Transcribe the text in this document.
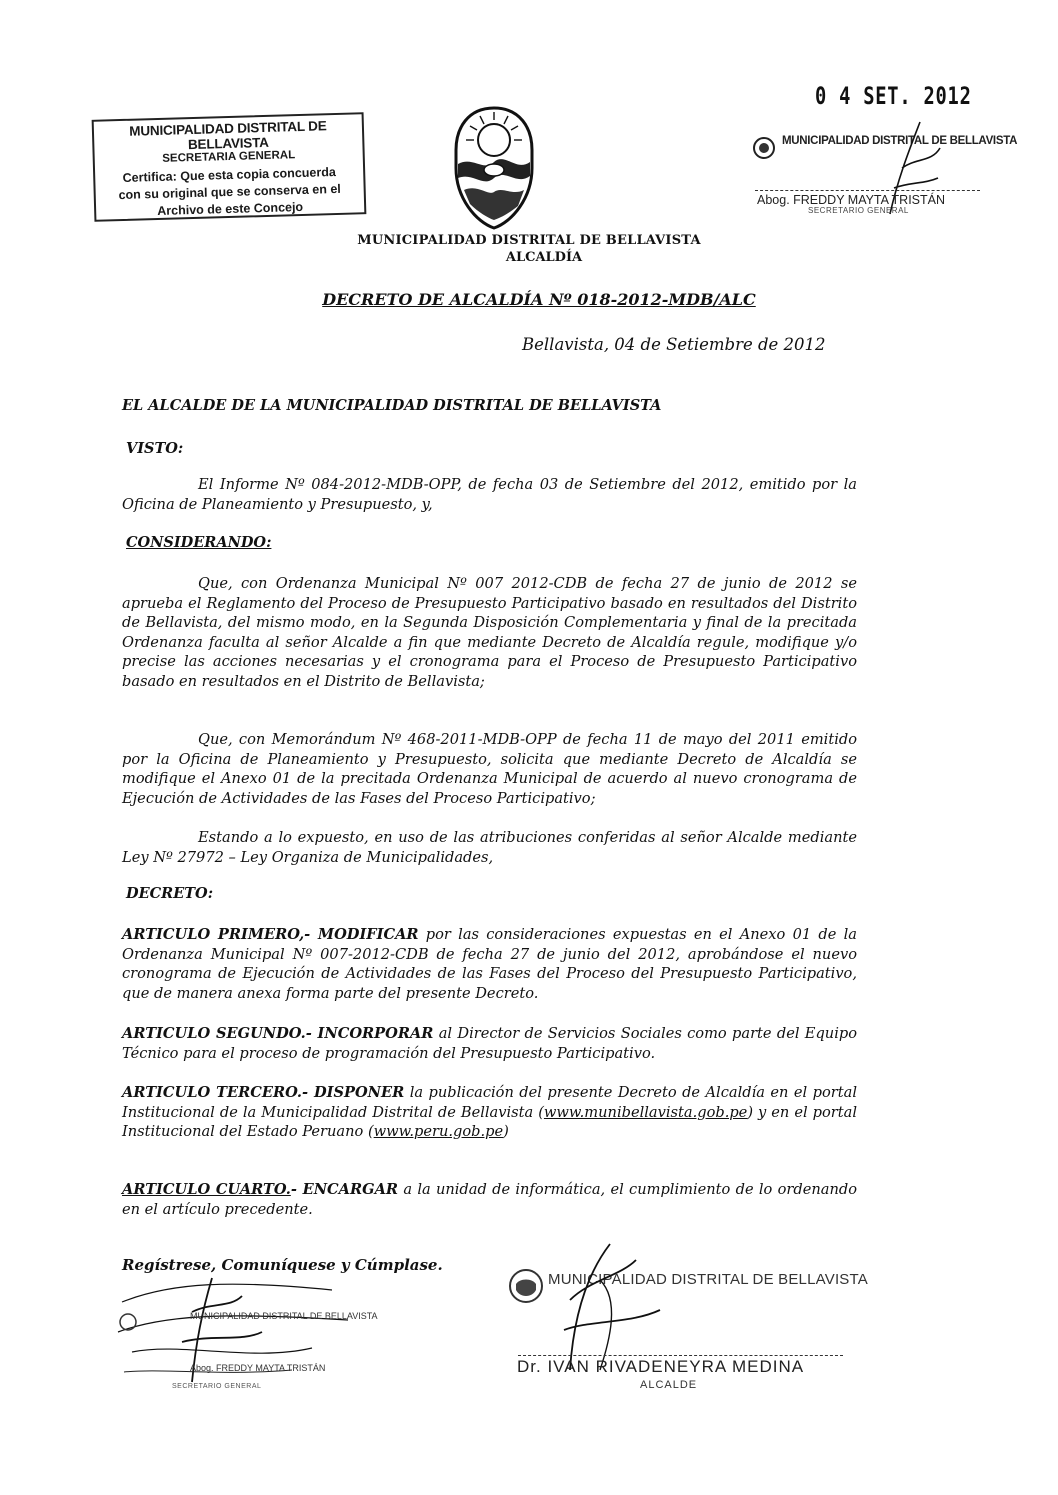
MUNICIPALIDAD DISTRITAL DE BELLAVISTA
SECRETARIA GENERAL
Certifica: Que esta copia concuerda
con su original que se conserva en el
Archivo de este Concejo
0 4 SET. 2012
MUNICIPALIDAD DISTRITAL DE BELLAVISTA
Abog. FREDDY MAYTA TRISTÁN
SECRETARIO GENERAL
MUNICIPALIDAD DISTRITAL DE BELLAVISTA
ALCALDÍA
DECRETO DE ALCALDÍA Nº 018-2012-MDB/ALC
Bellavista, 04 de Setiembre de 2012
EL ALCALDE DE LA MUNICIPALIDAD DISTRITAL DE BELLAVISTA
VISTO:
El Informe Nº 084-2012-MDB-OPP, de fecha 03 de Setiembre del 2012, emitido por la Oficina de Planeamiento y Presupuesto, y,
CONSIDERANDO:
Que, con Ordenanza Municipal Nº 007 2012-CDB de fecha 27 de junio de 2012 se aprueba el Reglamento del Proceso de Presupuesto Participativo basado en resultados del Distrito de Bellavista, del mismo modo, en la Segunda Disposición Complementaria y final de la precitada Ordenanza faculta al señor Alcalde a fin que mediante Decreto de Alcaldía regule, modifique y/o precise las acciones necesarias y el cronograma para el Proceso de Presupuesto Participativo basado en resultados en el Distrito de Bellavista;
Que, con Memorándum Nº 468-2011-MDB-OPP de fecha 11 de mayo del 2011 emitido por la Oficina de Planeamiento y Presupuesto, solicita que mediante Decreto de Alcaldía se modifique el Anexo 01 de la precitada Ordenanza Municipal de acuerdo al nuevo cronograma de Ejecución de Actividades de las Fases del Proceso Participativo;
Estando a lo expuesto, en uso de las atribuciones conferidas al señor Alcalde mediante Ley Nº 27972 – Ley Organiza de Municipalidades,
DECRETO:
ARTICULO PRIMERO,- MODIFICAR por las consideraciones expuestas en el Anexo 01 de la Ordenanza Municipal Nº 007-2012-CDB de fecha 27 de junio del 2012, aprobándose el nuevo cronograma de Ejecución de Actividades de las Fases del Proceso del Presupuesto Participativo, que de manera anexa forma parte del presente Decreto.
ARTICULO SEGUNDO.- INCORPORAR al Director de Servicios Sociales como parte del Equipo Técnico para el proceso de programación del Presupuesto Participativo.
ARTICULO TERCERO.- DISPONER la publicación del presente Decreto de Alcaldía en el portal Institucional de la Municipalidad Distrital de Bellavista (www.munibellavista.gob.pe) y en el portal Institucional del Estado Peruano (www.peru.gob.pe)
ARTICULO CUARTO.- ENCARGAR a la unidad de informática, el cumplimiento de lo ordenando en el artículo precedente.
Regístrese, Comuníquese y Cúmplase.
MUNICIPALIDAD DISTRITAL DE BELLAVISTA
Abog. FREDDY MAYTA TRISTÁN
SECRETARIO GENERAL
MUNICIPALIDAD DISTRITAL DE BELLAVISTA
Dr. IVAN RIVADENEYRA MEDINA
ALCALDE
